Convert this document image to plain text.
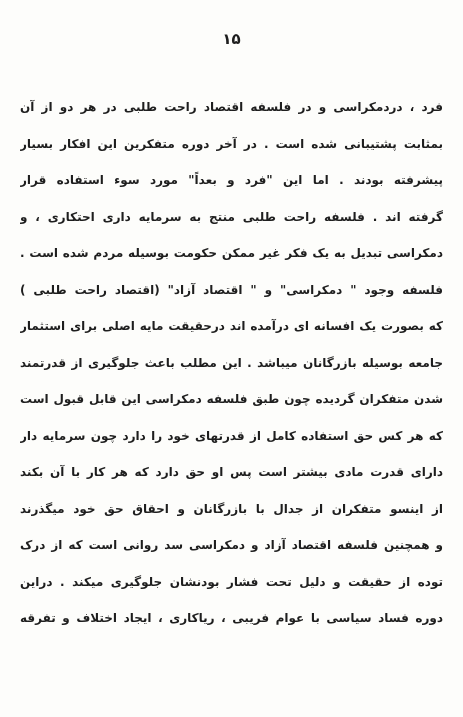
۱۵
فرد ، دردمکراسی و در فلسفه اقتصاد راحت طلبی در هر دو از آن
بمثابت پشتیبانی شده است . در آخر دوره متفکرین این افکار بسیار
پیشرفته بودند . اما این "فرد و بعداً" مورد سوء استفاده قرار
گرفته اند . فلسفه راحت طلبی منتج به سرمایه داری احتکاری ، و
دمکراسی تبدیل به یک فکر غیر ممکن حکومت بوسیله مردم شده است .
فلسفه وجود " دمکراسی" و " اقتصاد آزاد" (اقتصاد راحت طلبی )
که بصورت یک افسانه ای درآمده اند درحقیقت مایه اصلی برای استثمار
جامعه بوسیله بازرگانان میباشد . این مطلب باعث جلوگیری از قدرتمند
شدن متفکران گردیده چون طبق فلسفه دمکراسی این قابل قبول است
که هر کس حق استفاده کامل از قدرتهای خود را دارد چون سرمایه دار
دارای قدرت مادی بیشتر است پس او حق دارد که هر کار با آن بکند
از اینسو متفکران از جدال با بازرگانان و احقاق حق خود میگذرند
و همچنین فلسفه اقتصاد آزاد و دمکراسی سد روانی است که از درک
توده از حقیقت و دلیل تحت فشار بودنشان جلوگیری میکند . دراین
دوره فساد سیاسی با عوام فریبی ، ریاکاری ، ایجاد اختلاف و تفرقه
